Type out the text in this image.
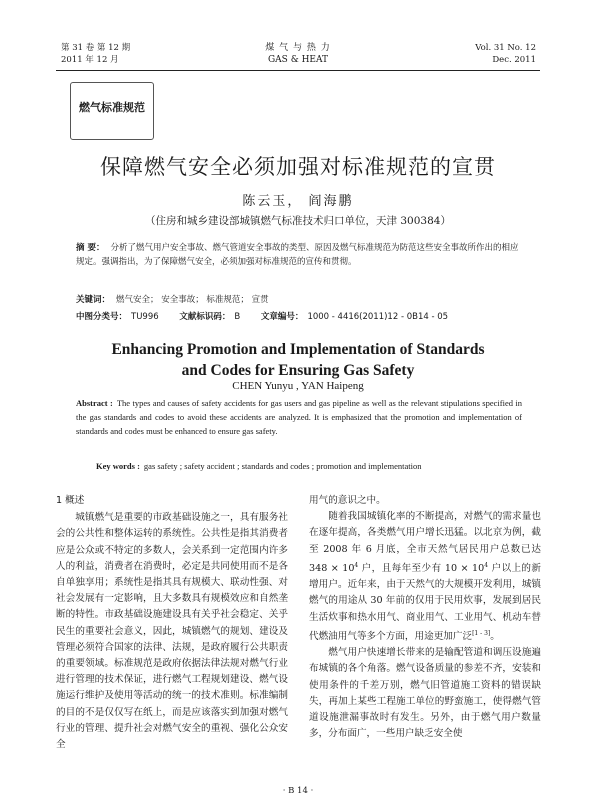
第 31 卷 第 12 期
2011 年 12 月
煤 气 与 热 力
GAS & HEAT
Vol. 31 No. 12
Dec. 2011
燃气标准规范
保障燃气安全必须加强对标准规范的宣贯
陈云玉， 阎海鹏
（住房和城乡建设部城镇燃气标准技术归口单位，天津 300384）
摘 要： 分析了燃气用户安全事故、燃气管道安全事故的类型、原因及燃气标准规范为防范这些安全事故所作出的相应规定。强调指出，为了保障燃气安全，必须加强对标准规范的宣传和贯彻。
关键词： 燃气安全； 安全事故； 标准规范； 宣贯
中图分类号： TU996 文献标识码： B 文章编号： 1000 - 4416(2011)12 - 0B14 - 05
Enhancing Promotion and Implementation of Standards
and Codes for Ensuring Gas Safety
CHEN Yunyu , YAN Haipeng
Abstract : The types and causes of safety accidents for gas users and gas pipeline as well as the relevant stipulations specified in the gas standards and codes to avoid these accidents are analyzed. It is emphasized that the promotion and implementation of standards and codes must be enhanced to ensure gas safety.
Key words : gas safety ; safety accident ; standards and codes ; promotion and implementation
1 概述

城镇燃气是重要的市政基础设施之一，具有服务社会的公共性和整体运转的系统性。公共性是指其消费者应是公众或不特定的多数人，会关系到一定范围内许多人的利益，消费者在消费时，必定是共同使用而不是各自单独享用；系统性是指其具有规模大、联动性强、对社会发展有一定影响，且大多数具有规模效应和自然垄断的特性。市政基础设施建设具有关乎社会稳定、关乎民生的重要社会意义，因此，城镇燃气的规划、建设及管理必须符合国家的法律、法规，是政府履行公共职责的重要领域。标准规范是政府依据法律法规对燃气行业进行管理的技术保证，进行燃气工程规划建设、燃气设施运行维护及使用等活动的统一的技术准则。标准编制的目的不是仅仅写在纸上，而是应该落实到加强对燃气行业的管理、提升社会对燃气安全的重视、强化公众安全

用气的意识之中。

随着我国城镇化率的不断提高，对燃气的需求量也在逐年提高，各类燃气用户增长迅猛。以北京为例，截至 2008 年 6 月底，全市天然气居民用户总数已达 $348 \times 10^4$ 户，且每年至少有 $10 \times 10^4$ 户以上的新增用户。近年来，由于天然气的大规模开发利用，城镇燃气的用途从 30 年前的仅用于民用炊事，发展到居民生活炊事和热水用气、商业用气、工业用气、机动车替代燃油用气等多个方面，用途更加广泛[1 - 3]。

燃气用户快速增长带来的是输配管道和调压设施遍布城镇的各个角落。燃气设备质量的参差不齐，安装和使用条件的千差万别，燃气旧管道施工资料的错误缺失，再加上某些工程施工单位的野蛮施工，使得燃气管道设施泄漏事故时有发生。另外，由于燃气用户数量多，分布面广，一些用户缺乏安全使

· B 14 ·
